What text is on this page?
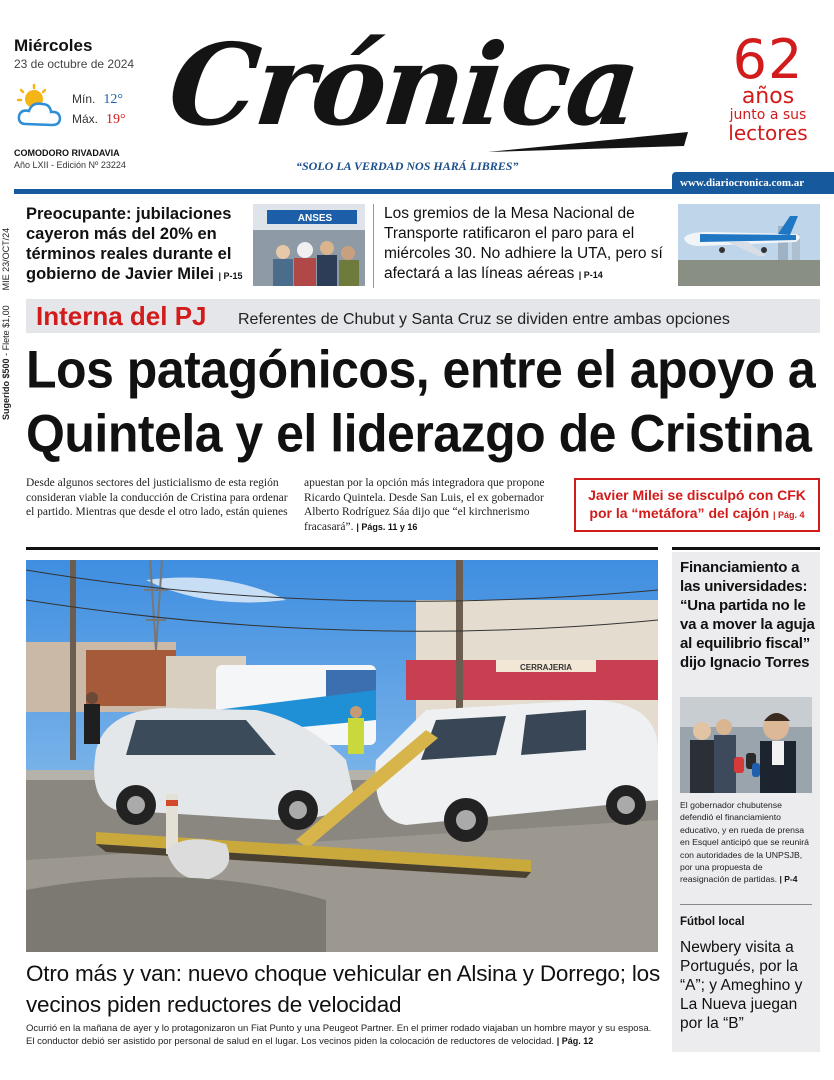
Miércoles
23 de octubre de 2024
Mín. 12°
Máx. 19°
COMODORO RIVADAVIA
Año LXII - Edición Nº 23224
Crónica
“SOLO LA VERDAD NOS HARÁ LIBRES”
62
años
junto a sus
lectores
www.diariocronica.com.ar
Sugerido $500 - Flete $1,00      MIE 23/OCT/24
Preocupante: jubilaciones cayeron más del 20% en términos reales durante el gobierno de Javier Milei | P-15
ANSES	Los gremios de la Mesa Nacional de Transporte ratificaron el paro para el miércoles 30. No adhiere la UTA, pero sí afectará a las líneas aéreas | P-14
Interna del PJ Referentes de Chubut y Santa Cruz se dividen entre ambas opciones
Los patagónicos, entre el apoyo a
Quintela y el liderazgo de Cristina
Desde algunos sectores del justicialismo de esta región consideran viable la conducción de Cristina para ordenar el partido. Mientras que desde el otro lado, están quienes
apuestan por la opción más integradora que propone Ricardo Quintela. Desde San Luis, el ex gobernador Alberto Rodríguez Sáa dijo que “el kirchnerismo fracasará”. | Págs. 11 y 16
Javier Milei se disculpó con CFK
por la “metáfora” del cajón | Pág. 4
CERRAJERIA
Otro más y van: nuevo choque vehicular en Alsina y Dorrego; los vecinos piden reductores de velocidad
Ocurrió en la mañana de ayer y lo protagonizaron un Fiat Punto y una Peugeot Partner. En el primer rodado viajaban un hombre mayor y su esposa. El conductor debió ser asistido por personal de salud en el lugar. Los vecinos piden la colocación de reductores de velocidad. | Pág. 12
Financiamiento a las universidades: “Una partida no le va a mover la aguja al equilibrio fiscal” dijo Ignacio Torres
El gobernador chubutense defendió el financiamiento educativo, y en rueda de prensa en Esquel anticipó que se reunirá con autoridades de la UNPSJB, por una propuesta de reasignación de partidas. | P-4
Fútbol local
Newbery visita a Portugués, por la “A”; y Ameghino y La Nueva juegan por la “B”
